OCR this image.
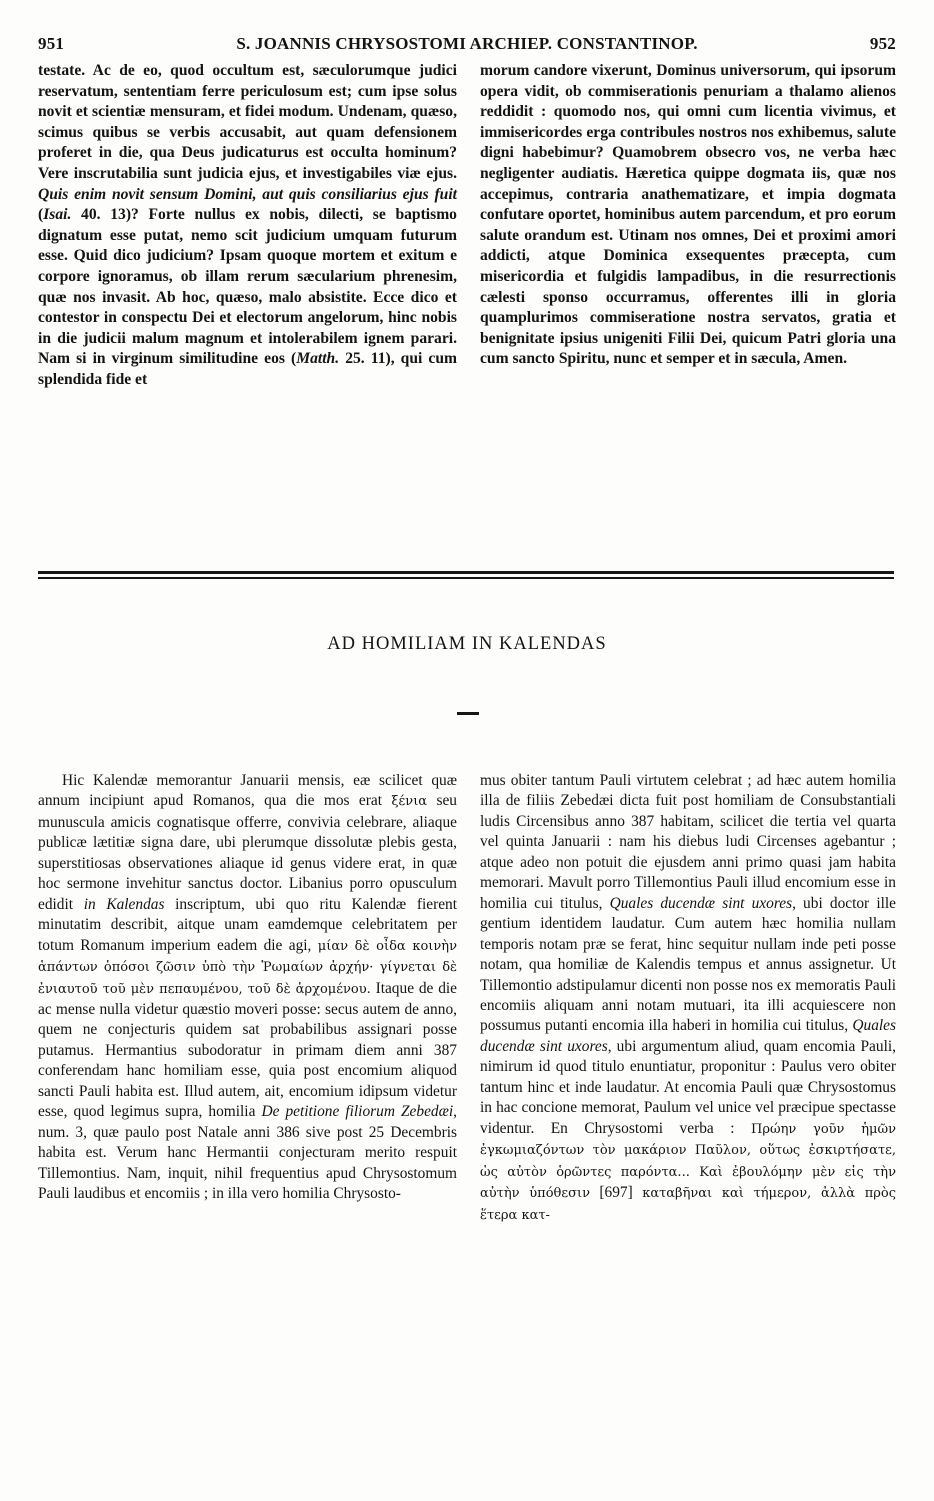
951	S. JOANNIS CHRYSOSTOMI ARCHIEP. CONSTANTINOP.	952

testate. Ac de eo, quod occultum est, sæculorumque judici reservatum, sententiam ferre periculosum est; cum ipse solus novit et scientiæ mensuram, et fidei modum. Undenam, quæso, scimus quibus se verbis accusabit, aut quam defensionem proferet in die, qua Deus judicaturus est occulta hominum? Vere inscrutabilia sunt judicia ejus, et investigabiles viæ ejus. Quis enim novit sensum Domini, aut quis consiliarius ejus fuit (Isai. 40. 13)? Forte nullus ex nobis, dilecti, se baptismo dignatum esse putat, nemo scit judicium umquam futurum esse. Quid dico judicium? Ipsam quoque mortem et exitum e corpore ignoramus, ob illam rerum sæcularium phrenesim, quæ nos invasit. Ab hoc, quæso, malo absistite. Ecce dico et contestor in conspectu Dei et electorum angelorum, hinc nobis in die judicii malum magnum et intolerabilem ignem parari. Nam si in virginum similitudine eos (Matth. 25. 11), qui cum splendida fide et

morum candore vixerunt, Dominus universorum, qui ipsorum opera vidit, ob commiserationis penuriam a thalamo alienos reddidit : quomodo nos, qui omni cum licentia vivimus, et immisericordes erga contribules nostros nos exhibemus, salute digni habebimur? Quamobrem obsecro vos, ne verba hæc negligenter audiatis. Hæretica quippe dogmata iis, quæ nos accepimus, contraria anathematizare, et impia dogmata confutare oportet, hominibus autem parcendum, et pro eorum salute orandum est. Utinam nos omnes, Dei et proximi amori addicti, atque Dominica exsequentes præcepta, cum misericordia et fulgidis lampadibus, in die resurrectionis cælesti sponso occurramus, offerentes illi in gloria quamplurimos commiseratione nostra servatos, gratia et benignitate ipsius unigeniti Filii Dei, quicum Patri gloria una cum sancto Spiritu, nunc et semper et in sæcula, Amen.

AD HOMILIAM IN KALENDAS

Hic Kalendæ memorantur Januarii mensis, eæ scilicet quæ annum incipiunt apud Romanos, qua die mos erat ξένια seu munuscula amicis cognatisque offerre, convivia celebrare, aliaque publicæ lætitiæ signa dare, ubi plerumque dissolutæ plebis gesta, superstitiosas observationes aliaque id genus videre erat, in quæ hoc sermone invehitur sanctus doctor. Libanius porro opusculum edidit in Kalendas inscriptum, ubi quo ritu Kalendæ fierent minutatim describit, aitque unam eamdemque celebritatem per totum Romanum imperium eadem die agi, μίαν δὲ οἶδα κοινὴν ἁπάντων ὁπόσοι ζῶσιν ὑπὸ τὴν Ῥωμαίων ἀρχήν· γίγνεται δὲ ἐνιαυτοῦ τοῦ μὲν πεπαυμένου, τοῦ δὲ ἀρχομένου. Itaque de die ac mense nulla videtur quæstio moveri posse: secus autem de anno, quem ne conjecturis quidem sat probabilibus assignari posse putamus. Hermantius subodoratur in primam diem anni 387 conferendam hanc homiliam esse, quia post encomium aliquod sancti Pauli habita est. Illud autem, ait, encomium idipsum videtur esse, quod legimus supra, homilia De petitione filiorum Zebedæi, num. 3, quæ paulo post Natale anni 386 sive post 25 Decembris habita est. Verum hanc Hermantii conjecturam merito respuit Tillemontius. Nam, inquit, nihil frequentius apud Chrysostomum Pauli laudibus et encomiis ; in illa vero homilia Chrysosto-

mus obiter tantum Pauli virtutem celebrat ; ad hæc autem homilia illa de filiis Zebedæi dicta fuit post homiliam de Consubstantiali ludis Circensibus anno 387 habitam, scilicet die tertia vel quarta vel quinta Januarii : nam his diebus ludi Circenses agebantur ; atque adeo non potuit die ejusdem anni primo quasi jam habita memorari. Mavult porro Tillemontius Pauli illud encomium esse in homilia cui titulus, Quales ducendæ sint uxores, ubi doctor ille gentium identidem laudatur. Cum autem hæc homilia nullam temporis notam præ se ferat, hinc sequitur nullam inde peti posse notam, qua homiliæ de Kalendis tempus et annus assignetur. Ut Tillemontio adstipulamur dicenti non posse nos ex memoratis Pauli encomiis aliquam anni notam mutuari, ita illi acquiescere non possumus putanti encomia illa haberi in homilia cui titulus, Quales ducendæ sint uxores, ubi argumentum aliud, quam encomia Pauli, nimirum id quod titulo enuntiatur, proponitur : Paulus vero obiter tantum hinc et inde laudatur. At encomia Pauli quæ Chrysostomus in hac concione memorat, Paulum vel unice vel præcipue spectasse videntur. En Chrysostomi verba : Πρώην γοῦν ἡμῶν ἐγκωμιαζόντων τὸν μακάριον Παῦλον, οὕτως ἐσκιρτήσατε, ὡς αὐτὸν ὁρῶντες παρόντα... Καὶ ἐβουλόμην μὲν εἰς τὴν αὐτὴν ὑπόθεσιν [697] καταβῆναι καὶ τήμερον, ἀλλὰ πρὸς ἕτερα κατ-
